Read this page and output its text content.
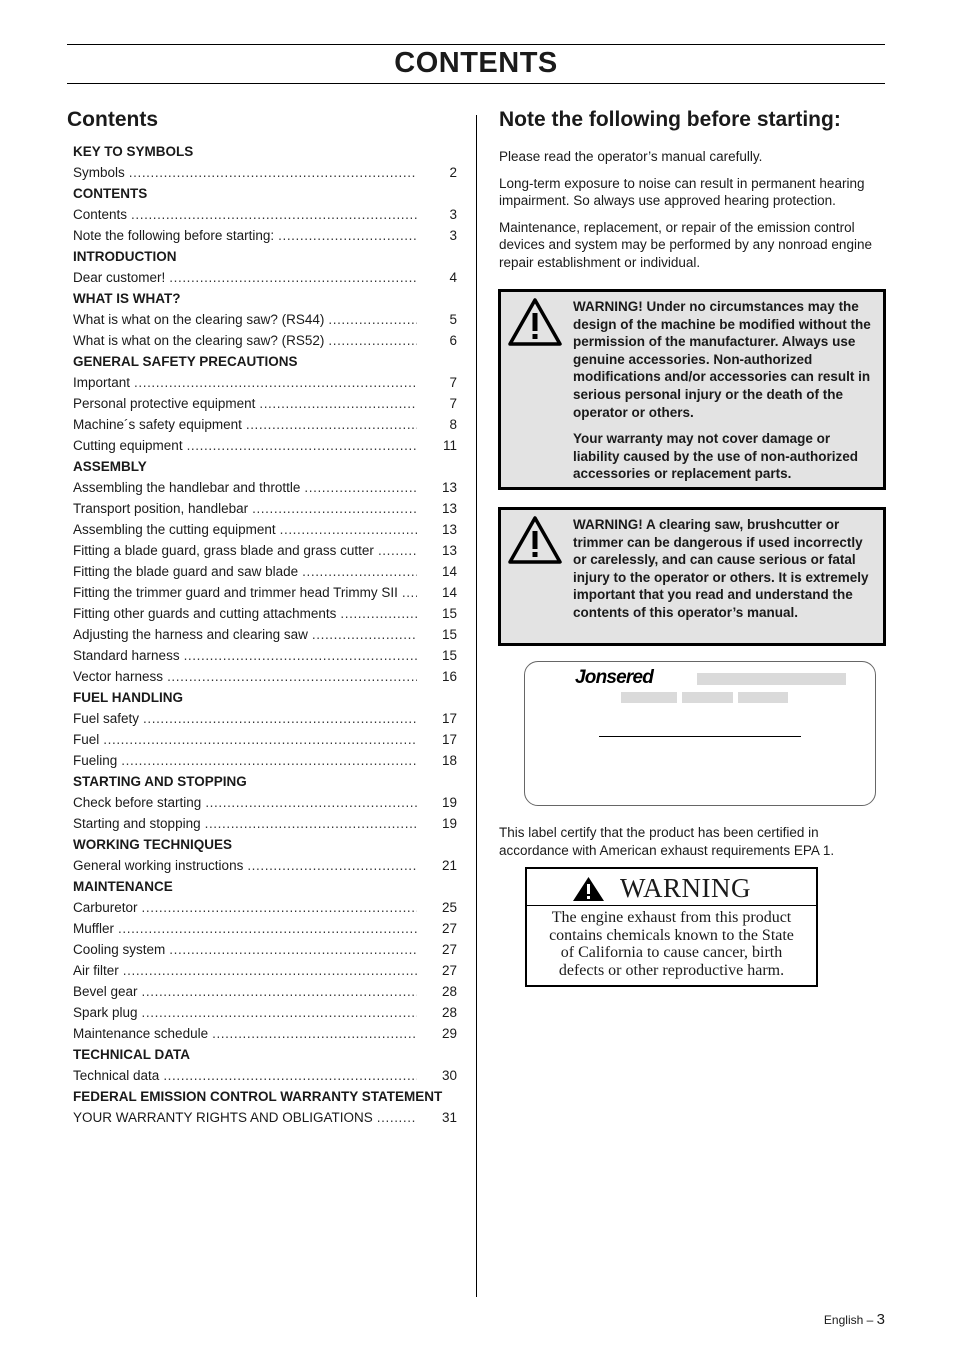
CONTENTS
Contents
KEY TO SYMBOLS
Symbols .....	2
CONTENTS
Contents .....	3
Note the following before starting: .....	3
INTRODUCTION
Dear customer! .....	4
WHAT IS WHAT?
What is what on the clearing saw? (RS44) .....	5
What is what on the clearing saw? (RS52) .....	6
GENERAL SAFETY PRECAUTIONS
Important .....	7
Personal protective equipment .....	7
Machine´s safety equipment .....	8
Cutting equipment .....	11
ASSEMBLY
Assembling the handlebar and throttle .....	13
Transport position, handlebar .....	13
Assembling the cutting equipment .....	13
Fitting a blade guard, grass blade and grass cutter .....	13
Fitting the blade guard and saw blade .....	14
Fitting the trimmer guard and trimmer head Trimmy SII .....	14
Fitting other guards and cutting attachments .....	15
Adjusting the harness and clearing saw .....	15
Standard harness .....	15
Vector harness .....	16
FUEL HANDLING
Fuel safety .....	17
Fuel .....	17
Fueling .....	18
STARTING AND STOPPING
Check before starting .....	19
Starting and stopping .....	19
WORKING TECHNIQUES
General working instructions .....	21
MAINTENANCE
Carburetor .....	25
Muffler .....	27
Cooling system .....	27
Air filter .....	27
Bevel gear .....	28
Spark plug .....	28
Maintenance schedule .....	29
TECHNICAL DATA
Technical data .....	30
FEDERAL EMISSION CONTROL WARRANTY STATEMENT
YOUR WARRANTY RIGHTS AND OBLIGATIONS .....	31
Note the following before starting:

Please read the operator’s manual carefully.

Long-term exposure to noise can result in permanent hearing impairment. So always use approved hearing protection.

Maintenance, replacement, or repair of the emission control devices and system may be performed by any nonroad engine repair establishment or individual.

WARNING! Under no circumstances may the design of the machine be modified without the permission of the manufacturer. Always use genuine accessories. Non-authorized modifications and/or accessories can result in serious personal injury or the death of the operator or others.

Your warranty may not cover damage or liability caused by the use of non-authorized accessories or replacement parts.

WARNING! A clearing saw, brushcutter or trimmer can be dangerous if used incorrectly or carelessly, and can cause serious or fatal injury to the operator or others. It is extremely important that you read and understand the contents of this operator’s manual.

Jonsered

This label certify that the product has been certified in accordance with American exhaust requirements EPA 1.

WARNING
The engine exhaust from this product
contains chemicals known to the State
of California to cause cancer, birth
defects or other reproductive harm.
English – 3
